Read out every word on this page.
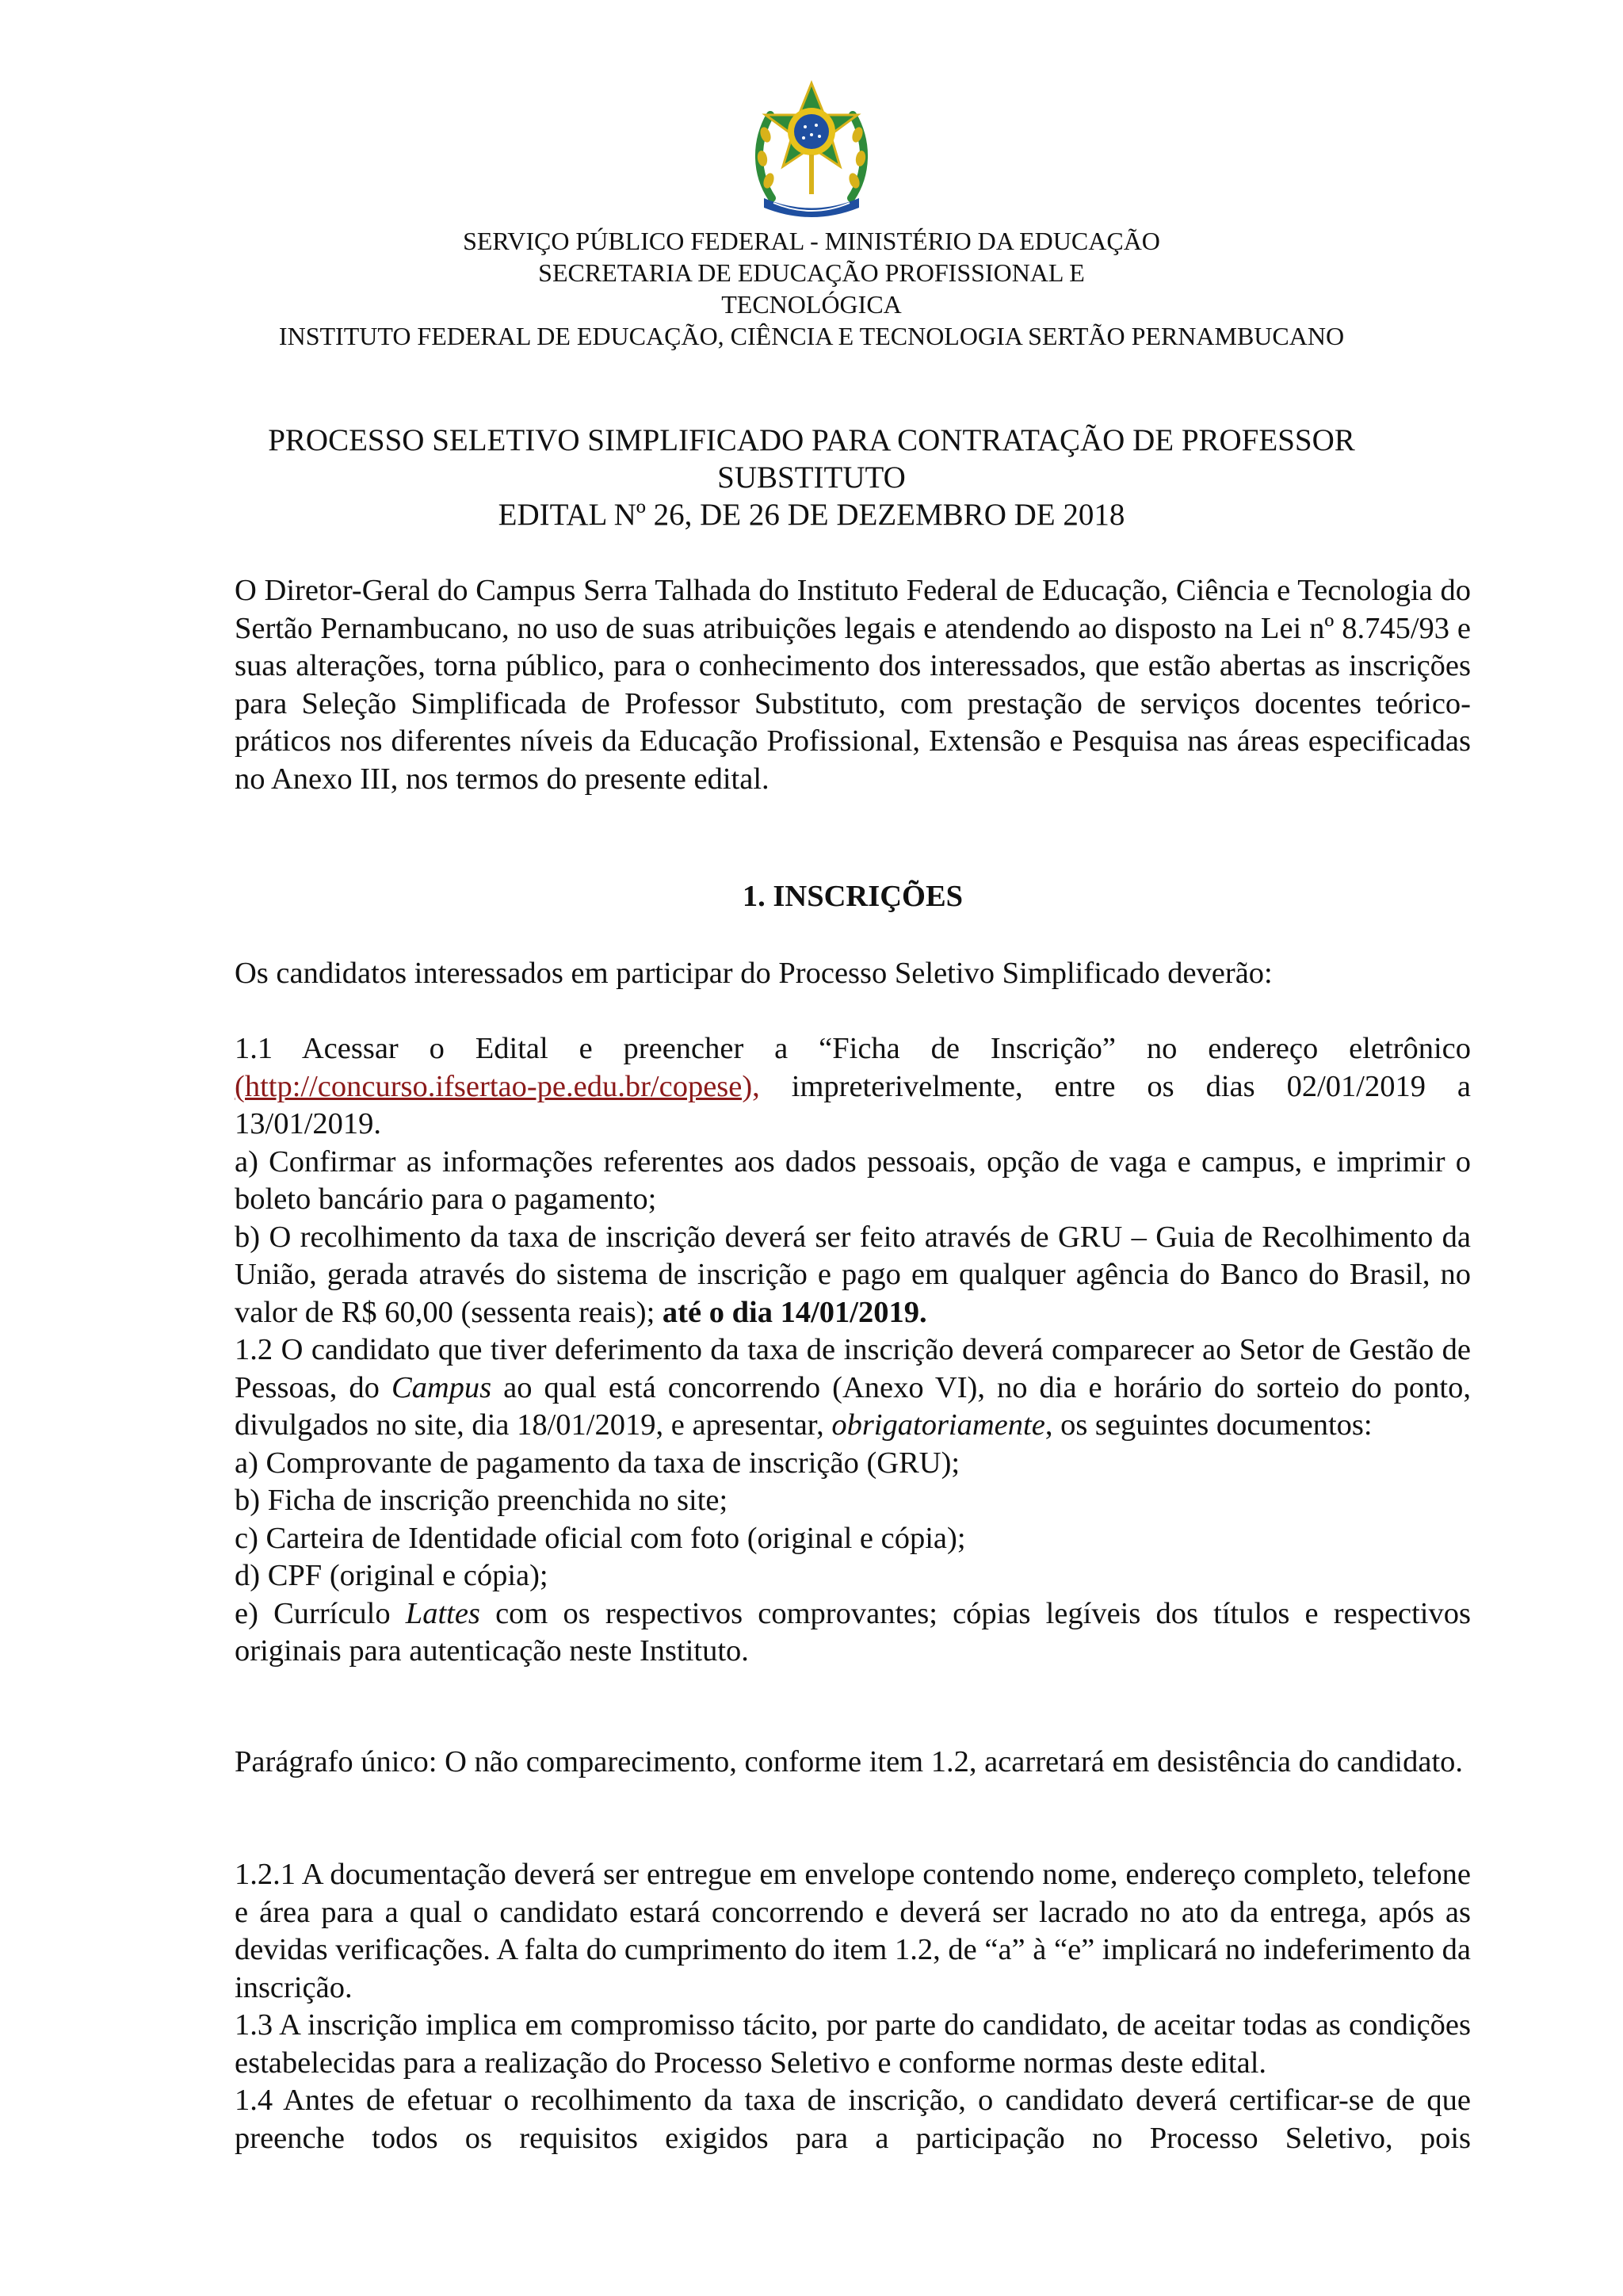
SERVIÇO PÚBLICO FEDERAL - MINISTÉRIO DA EDUCAÇÃO
SECRETARIA DE EDUCAÇÃO PROFISSIONAL E
TECNOLÓGICA
INSTITUTO FEDERAL DE EDUCAÇÃO, CIÊNCIA E TECNOLOGIA SERTÃO PERNAMBUCANO
PROCESSO SELETIVO SIMPLIFICADO PARA CONTRATAÇÃO DE PROFESSOR
SUBSTITUTO
EDITAL Nº 26, DE 26 DE DEZEMBRO DE 2018

O Diretor-Geral do Campus Serra Talhada do Instituto Federal de Educação, Ciência e Tecnologia do Sertão Pernambucano, no uso de suas atribuições legais e atendendo ao disposto na Lei nº 8.745/93 e suas alterações, torna público, para o conhecimento dos interessados, que estão abertas as inscrições para Seleção Simplificada de Professor Substituto, com prestação de serviços docentes teórico-práticos nos diferentes níveis da Educação Profissional, Extensão e Pesquisa nas áreas especificadas no Anexo III, nos termos do presente edital.

1. INSCRIÇÕES

Os candidatos interessados em participar do Processo Seletivo Simplificado deverão:

1.1 Acessar o Edital e preencher a “Ficha de Inscrição” no endereço eletrônico (http://concurso.ifsertao-pe.edu.br/copese), impreterivelmente, entre os dias 02/01/2019 a 13/01/2019.

a) Confirmar as informações referentes aos dados pessoais, opção de vaga e campus, e imprimir o boleto bancário para o pagamento;

b) O recolhimento da taxa de inscrição deverá ser feito através de GRU – Guia de Recolhimento da União, gerada através do sistema de inscrição e pago em qualquer agência do Banco do Brasil, no valor de R$ 60,00 (sessenta reais); até o dia 14/01/2019.

1.2 O candidato que tiver deferimento da taxa de inscrição deverá comparecer ao Setor de Gestão de Pessoas, do Campus ao qual está concorrendo (Anexo VI), no dia e horário do sorteio do ponto, divulgados no site, dia 18/01/2019, e apresentar, obrigatoriamente, os seguintes documentos:

a) Comprovante de pagamento da taxa de inscrição (GRU);

b) Ficha de inscrição preenchida no site;

c) Carteira de Identidade oficial com foto (original e cópia);

d) CPF (original e cópia);

e) Currículo Lattes com os respectivos comprovantes; cópias legíveis dos títulos e respectivos originais para autenticação neste Instituto.

Parágrafo único: O não comparecimento, conforme item 1.2, acarretará em desistência do candidato.

1.2.1 A documentação deverá ser entregue em envelope contendo nome, endereço completo, telefone e área para a qual o candidato estará concorrendo e deverá ser lacrado no ato da entrega, após as devidas verificações. A falta do cumprimento do item 1.2, de “a” à “e” implicará no indeferimento da inscrição.

1.3 A inscrição implica em compromisso tácito, por parte do candidato, de aceitar todas as condições estabelecidas para a realização do Processo Seletivo e conforme normas deste edital.

1.4 Antes de efetuar o recolhimento da taxa de inscrição, o candidato deverá certificar-se de que preenche todos os requisitos exigidos para a participação no Processo Seletivo, pois
